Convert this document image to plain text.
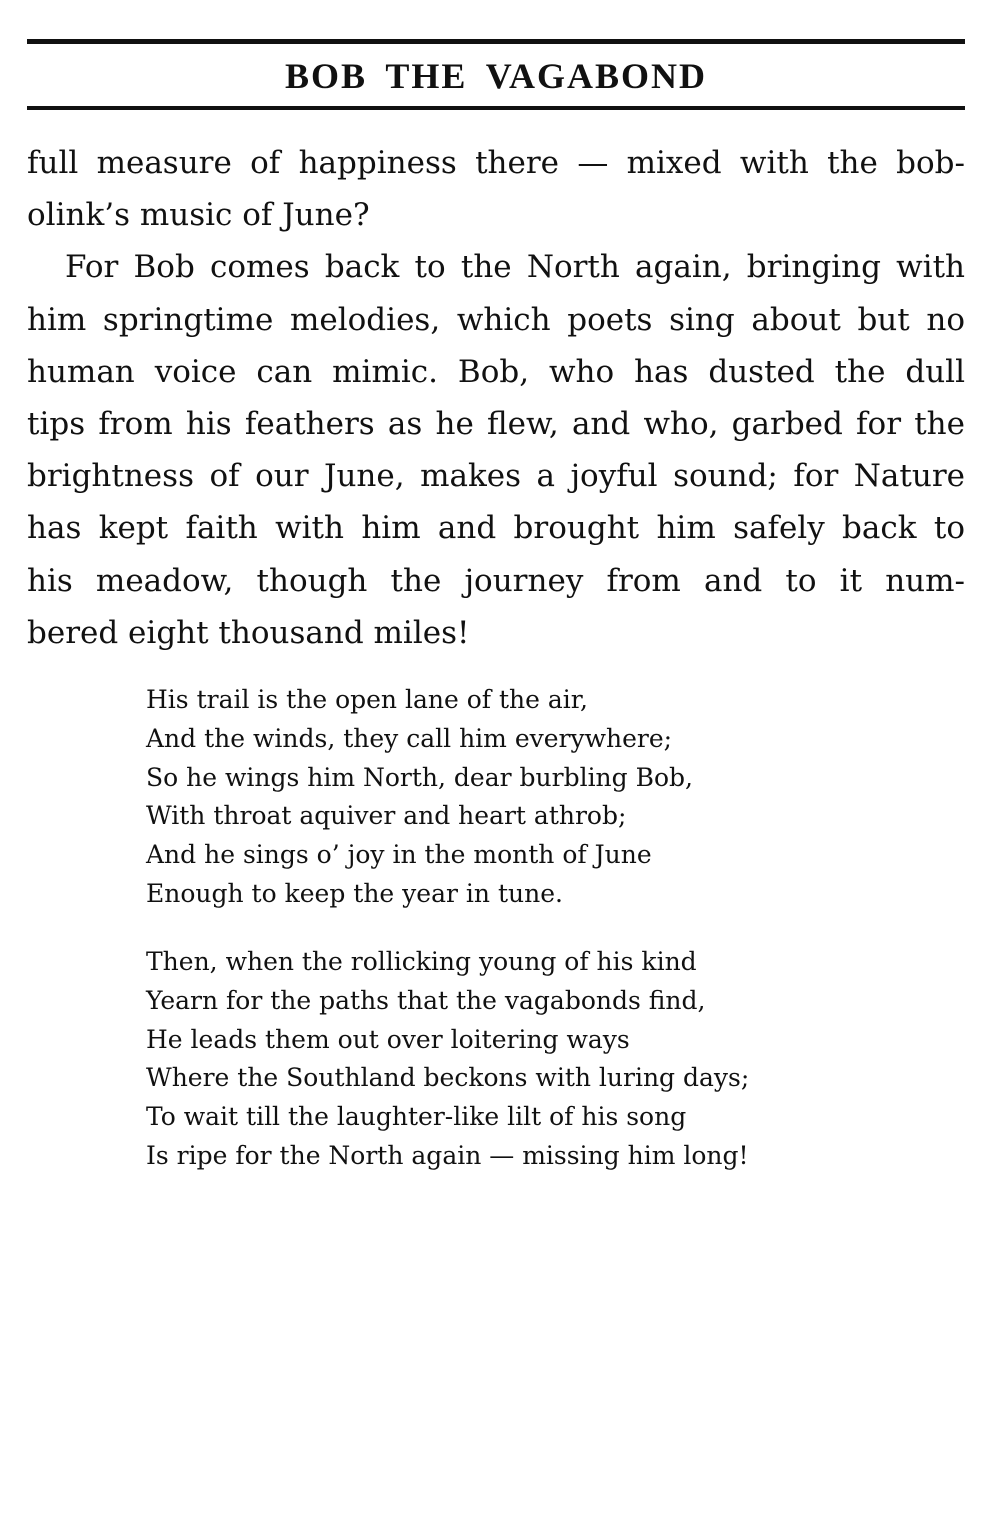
BOB THE VAGABOND
full measure of happiness there — mixed with the bob-
olink’s music of June?
For Bob comes back to the North again, bringing with
him springtime melodies, which poets sing about but no
human voice can mimic. Bob, who has dusted the dull
tips from his feathers as he flew, and who, garbed for the
brightness of our June, makes a joyful sound; for Nature
has kept faith with him and brought him safely back to
his meadow, though the journey from and to it num-
bered eight thousand miles!
His trail is the open lane of the air,
And the winds, they call him everywhere;
So he wings him North, dear burbling Bob,
With throat aquiver and heart athrob;
And he sings o’ joy in the month of June
Enough to keep the year in tune.
Then, when the rollicking young of his kind
Yearn for the paths that the vagabonds find,
He leads them out over loitering ways
Where the Southland beckons with luring days;
To wait till the laughter-like lilt of his song
Is ripe for the North again — missing him long!
